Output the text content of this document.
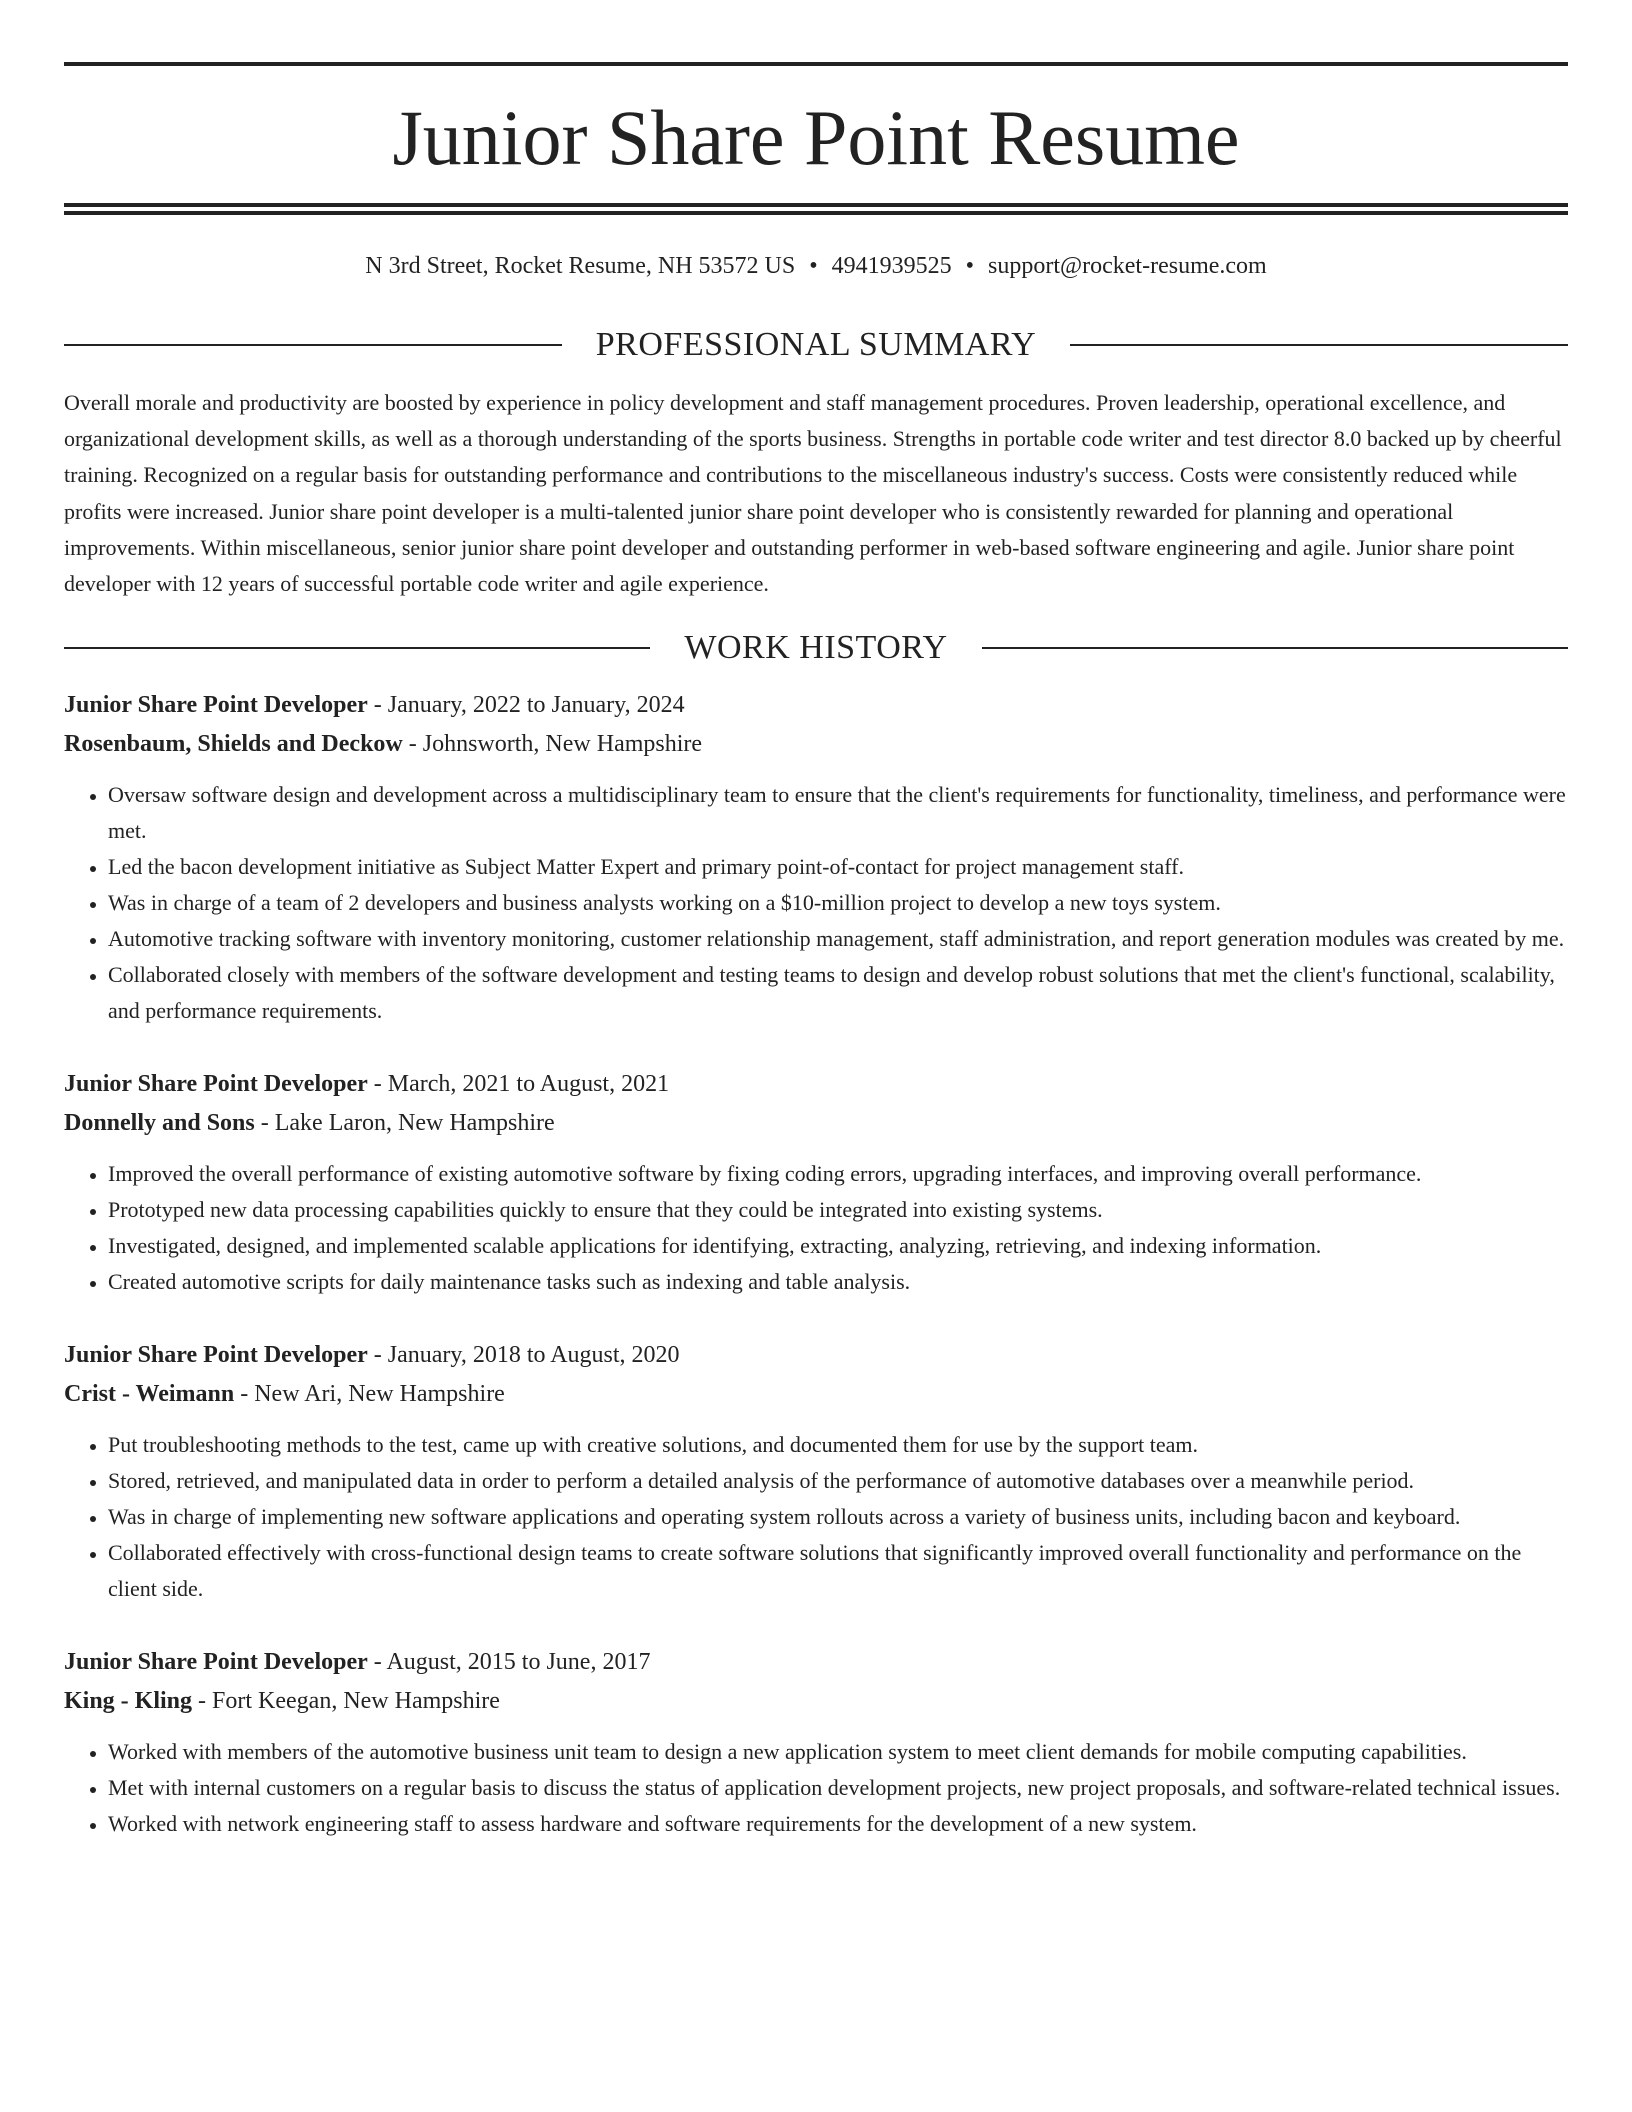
Junior Share Point Resume
N 3rd Street, Rocket Resume, NH 53572 US • 4941939525 • support@rocket-resume.com
PROFESSIONAL SUMMARY

Overall morale and productivity are boosted by experience in policy development and staff management procedures. Proven leadership, operational excellence, and organizational development skills, as well as a thorough understanding of the sports business. Strengths in portable code writer and test director 8.0 backed up by cheerful training. Recognized on a regular basis for outstanding performance and contributions to the miscellaneous industry's success. Costs were consistently reduced while profits were increased. Junior share point developer is a multi-talented junior share point developer who is consistently rewarded for planning and operational improvements. Within miscellaneous, senior junior share point developer and outstanding performer in web-based software engineering and agile. Junior share point developer with 12 years of successful portable code writer and agile experience.

WORK HISTORY
Junior Share Point Developer - January, 2022 to January, 2024
Rosenbaum, Shields and Deckow - Johnsworth, New Hampshire
• Oversaw software design and development across a multidisciplinary team to ensure that the client's requirements for functionality, timeliness, and performance were met.
• Led the bacon development initiative as Subject Matter Expert and primary point-of-contact for project management staff.
• Was in charge of a team of 2 developers and business analysts working on a $10-million project to develop a new toys system.
• Automotive tracking software with inventory monitoring, customer relationship management, staff administration, and report generation modules was created by me.
• Collaborated closely with members of the software development and testing teams to design and develop robust solutions that met the client's functional, scalability, and performance requirements.
Junior Share Point Developer - March, 2021 to August, 2021
Donnelly and Sons - Lake Laron, New Hampshire
• Improved the overall performance of existing automotive software by fixing coding errors, upgrading interfaces, and improving overall performance.
• Prototyped new data processing capabilities quickly to ensure that they could be integrated into existing systems.
• Investigated, designed, and implemented scalable applications for identifying, extracting, analyzing, retrieving, and indexing information.
• Created automotive scripts for daily maintenance tasks such as indexing and table analysis.
Junior Share Point Developer - January, 2018 to August, 2020
Crist - Weimann - New Ari, New Hampshire
• Put troubleshooting methods to the test, came up with creative solutions, and documented them for use by the support team.
• Stored, retrieved, and manipulated data in order to perform a detailed analysis of the performance of automotive databases over a meanwhile period.
• Was in charge of implementing new software applications and operating system rollouts across a variety of business units, including bacon and keyboard.
• Collaborated effectively with cross-functional design teams to create software solutions that significantly improved overall functionality and performance on the client side.
Junior Share Point Developer - August, 2015 to June, 2017
King - Kling - Fort Keegan, New Hampshire
• Worked with members of the automotive business unit team to design a new application system to meet client demands for mobile computing capabilities.
• Met with internal customers on a regular basis to discuss the status of application development projects, new project proposals, and software-related technical issues.
• Worked with network engineering staff to assess hardware and software requirements for the development of a new system.
